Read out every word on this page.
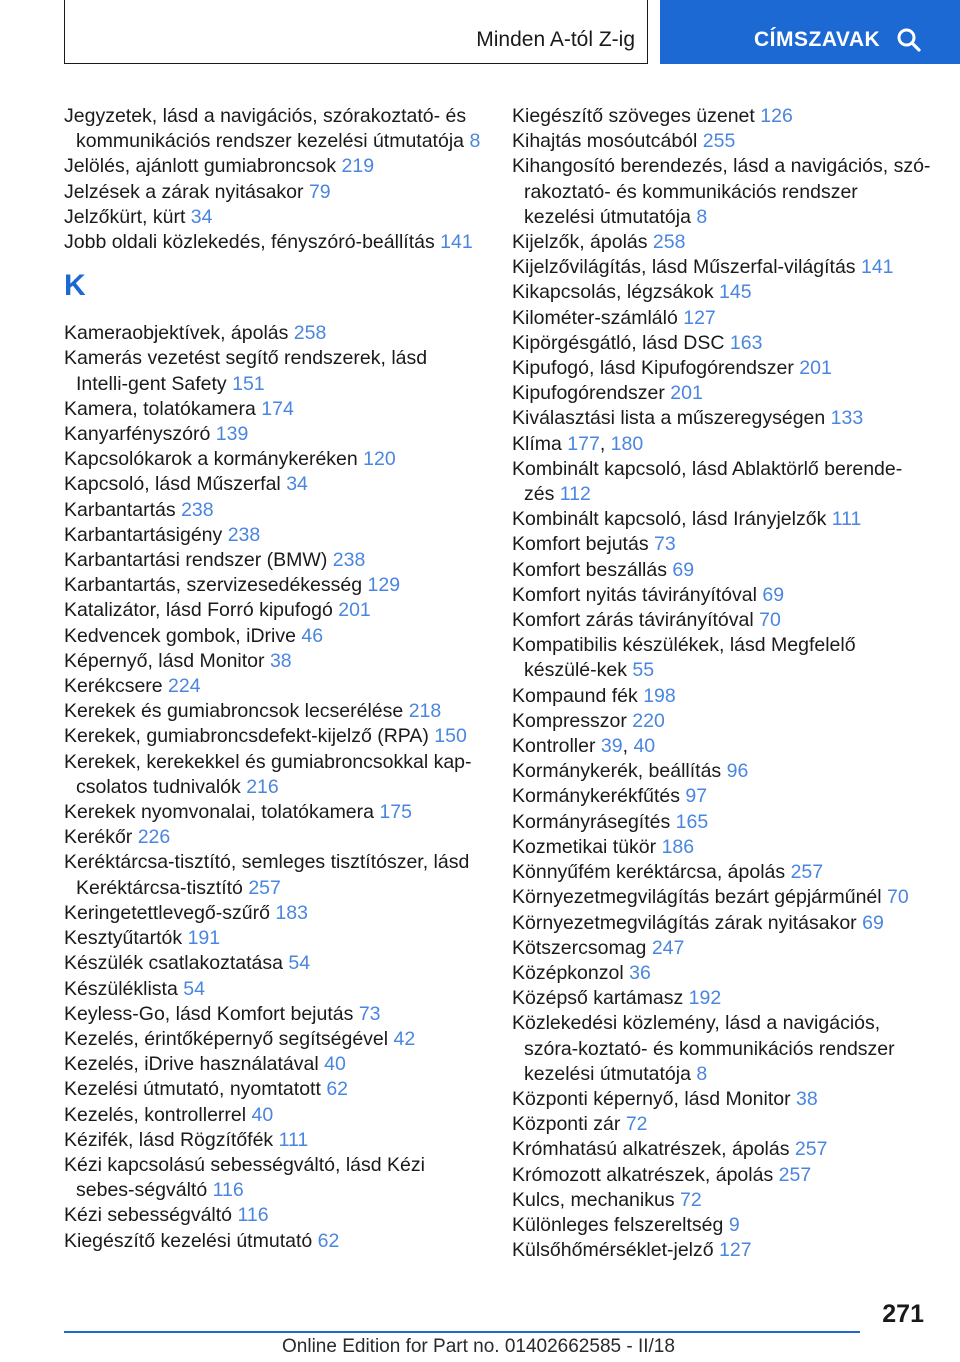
Minden A-tól Z-ig	CÍMSZAVAK
Jegyzetek, lásd a navigációs, szórakoztató- és kommunikációs rendszer kezelési útmutatója 8
Jelölés, ajánlott gumiabroncsok 219
Jelzések a zárak nyitásakor 79
Jelzőkürt, kürt 34
Jobb oldali közlekedés, fényszóró-beállítás 141
K
Kameraobjektívek, ápolás 258
Kamerás vezetést segítő rendszerek, lásd Intelli-gent Safety 151
Kamera, tolatókamera 174
Kanyarfényszóró 139
Kapcsolókarok a kormánykeréken 120
Kapcsoló, lásd Műszerfal 34
Karbantartás 238
Karbantartásigény 238
Karbantartási rendszer (BMW) 238
Karbantartás, szervizesedékesség 129
Katalizátor, lásd Forró kipufogó 201
Kedvencek gombok, iDrive 46
Képernyő, lásd Monitor 38
Kerékcsere 224
Kerekek és gumiabroncsok lecserélése 218
Kerekek, gumiabroncsdefekt-kijelző (RPA) 150
Kerekek, kerekekkel és gumiabroncsokkal kap-csolatos tudnivalók 216
Kerekek nyomvonalai, tolatókamera 175
Kerékőr 226
Keréktárcsa-tisztító, semleges tisztítószer, lásd Keréktárcsa-tisztító 257
Keringetettlevegő-szűrő 183
Kesztyűtartók 191
Készülék csatlakoztatása 54
Készüléklista 54
Keyless-Go, lásd Komfort bejutás 73
Kezelés, érintőképernyő segítségével 42
Kezelés, iDrive használatával 40
Kezelési útmutató, nyomtatott 62
Kezelés, kontrollerrel 40
Kézifék, lásd Rögzítőfék 111
Kézi kapcsolású sebességváltó, lásd Kézi sebes-ségváltó 116
Kézi sebességváltó 116
Kiegészítő kezelési útmutató 62
Kiegészítő szöveges üzenet 126
Kihajtás mosóutcából 255
Kihangosító berendezés, lásd a navigációs, szó-rakoztató- és kommunikációs rendszer kezelési útmutatója 8
Kijelzők, ápolás 258
Kijelzővilágítás, lásd Műszerfal-világítás 141
Kikapcsolás, légzsákok 145
Kilométer-számláló 127
Kipörgésgátló, lásd DSC 163
Kipufogó, lásd Kipufogórendszer 201
Kipufogórendszer 201
Kiválasztási lista a műszeregységen 133
Klíma 177, 180
Kombinált kapcsoló, lásd Ablaktörlő berende-zés 112
Kombinált kapcsoló, lásd Irányjelzők 111
Komfort bejutás 73
Komfort beszállás 69
Komfort nyitás távirányítóval 69
Komfort zárás távirányítóval 70
Kompatibilis készülékek, lásd Megfelelő készülé-kek 55
Kompaund fék 198
Kompresszor 220
Kontroller 39, 40
Kormánykerék, beállítás 96
Kormánykerékfűtés 97
Kormányrásegítés 165
Kozmetikai tükör 186
Könnyűfém keréktárcsa, ápolás 257
Környezetmegvilágítás bezárt gépjárműnél 70
Környezetmegvilágítás zárak nyitásakor 69
Kötszercsomag 247
Középkonzol 36
Középső kartámasz 192
Közlekedési közlemény, lásd a navigációs, szóra-koztató- és kommunikációs rendszer kezelési útmutatója 8
Központi képernyő, lásd Monitor 38
Központi zár 72
Krómhatású alkatrészek, ápolás 257
Krómozott alkatrészek, ápolás 257
Kulcs, mechanikus 72
Különleges felszereltség 9
Külsőhőmérséklet-jelző 127
271
Online Edition for Part no. 01402662585 - II/18
